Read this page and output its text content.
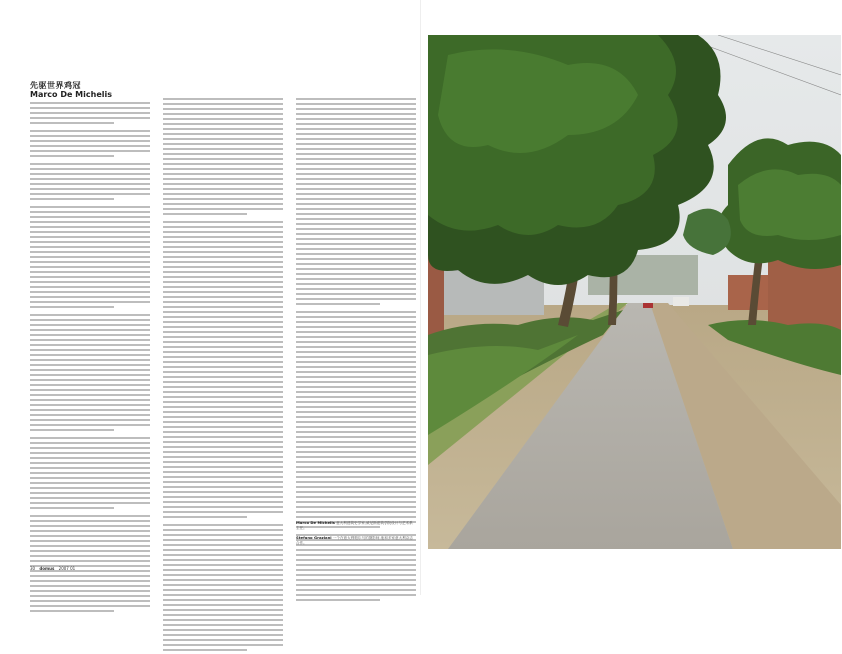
先驱世界鸡冠
Marco De Michelis

Marco De Michelis 意大利建筑史学家,威尼斯建筑学院设计与艺术系主任。

Stefano Graziani 一个在意大利帕尔马的摄影师,他和多家意大利杂志合作。

30 domus 2007 01
